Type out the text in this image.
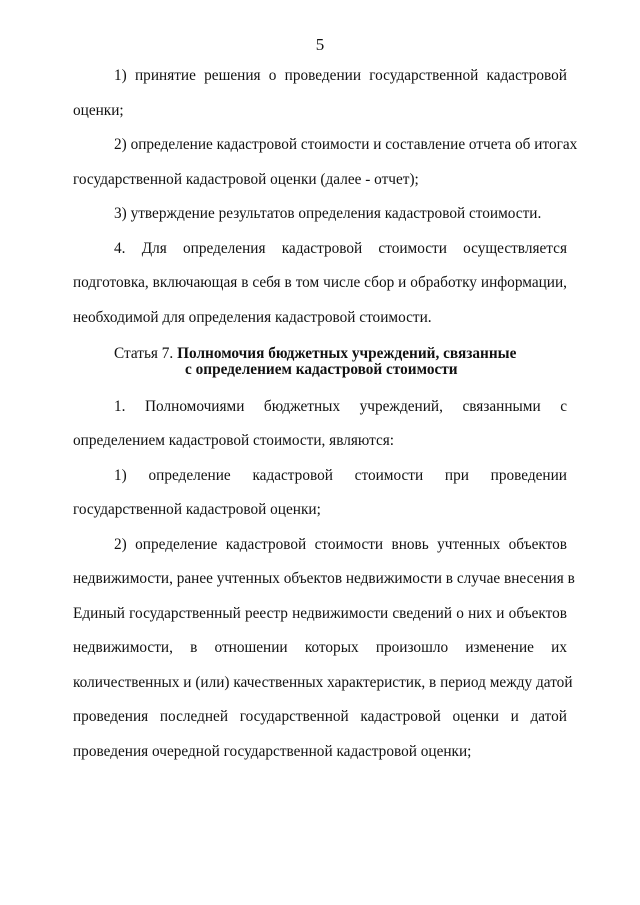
5
1) принятие решения о проведении государственной кадастровой
оценки;
2) определение кадастровой стоимости и составление отчета об итогах
государственной кадастровой оценки (далее - отчет);
3) утверждение результатов определения кадастровой стоимости.
4. Для определения кадастровой стоимости осуществляется
подготовка, включающая в себя в том числе сбор и обработку информации,
необходимой для определения кадастровой стоимости.
Статья 7. Полномочия бюджетных учреждений, связанные
с определением кадастровой стоимости
1. Полномочиями бюджетных учреждений, связанными с
определением кадастровой стоимости, являются:
1) определение кадастровой стоимости при проведении
государственной кадастровой оценки;
2) определение кадастровой стоимости вновь учтенных объектов
недвижимости, ранее учтенных объектов недвижимости в случае внесения в
Единый государственный реестр недвижимости сведений о них и объектов
недвижимости, в отношении которых произошло изменение их
количественных и (или) качественных характеристик, в период между датой
проведения последней государственной кадастровой оценки и датой
проведения очередной государственной кадастровой оценки;
